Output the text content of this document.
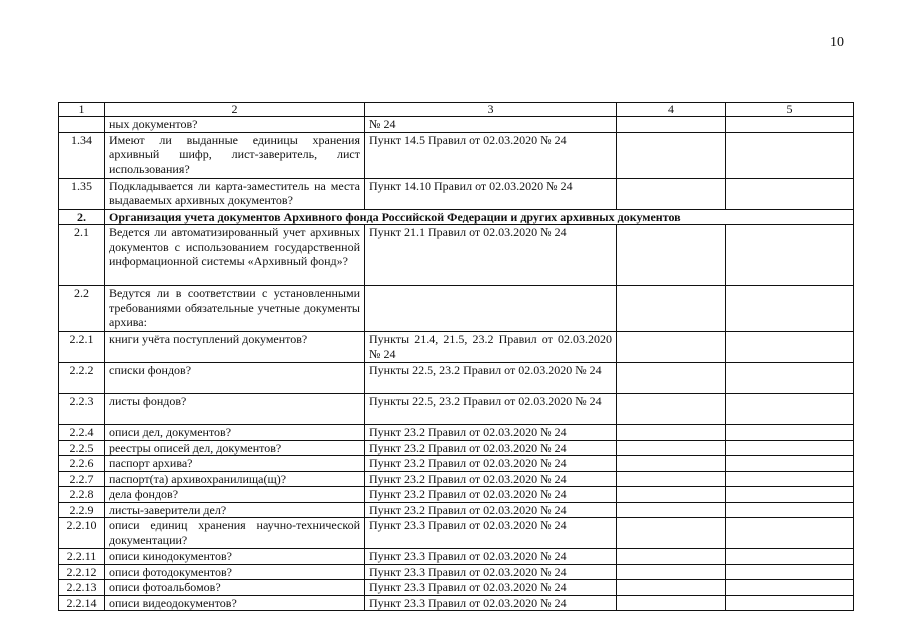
10
1	2	3	4	5
	ных документов?	№ 24		
1.34	Имеют ли выданные единицы хранения архивный шифр, лист-заверитель, лист использования?	Пункт 14.5 Правил от 02.03.2020 № 24		
1.35	Подкладывается ли карта-заместитель на места выдаваемых архивных документов?	Пункт 14.10 Правил от 02.03.2020 № 24		
2.	Организация учета документов Архивного фонда Российской Федерации и других архивных документов			
2.1	Ведется ли автоматизированный учет архивных документов с использованием государственной информационной системы «Архивный фонд»?	Пункт 21.1 Правил от 02.03.2020 № 24		
2.2	Ведутся ли в соответствии с установленными требованиями обязательные учетные документы архива:			
2.2.1	книги учёта поступлений документов?	Пункты 21.4, 21.5, 23.2 Правил от 02.03.2020 № 24		
2.2.2	списки фондов?	Пункты 22.5, 23.2 Правил от 02.03.2020 № 24		
2.2.3	листы фондов?	Пункты 22.5, 23.2 Правил от 02.03.2020 № 24		
2.2.4	описи дел, документов?	Пункт 23.2 Правил от 02.03.2020 № 24		
2.2.5	реестры описей дел, документов?	Пункт 23.2 Правил от 02.03.2020 № 24		
2.2.6	паспорт архива?	Пункт 23.2 Правил от 02.03.2020 № 24		
2.2.7	паспорт(та) архивохранилища(щ)?	Пункт 23.2 Правил от 02.03.2020 № 24		
2.2.8	дела фондов?	Пункт 23.2 Правил от 02.03.2020 № 24		
2.2.9	листы-заверители дел?	Пункт 23.2 Правил от 02.03.2020 № 24		
2.2.10	описи единиц хранения научно-технической документации?	Пункт 23.3 Правил от 02.03.2020 № 24		
2.2.11	описи кинодокументов?	Пункт 23.3 Правил от 02.03.2020 № 24		
2.2.12	описи фотодокументов?	Пункт 23.3 Правил от 02.03.2020 № 24		
2.2.13	описи фотоальбомов?	Пункт 23.3 Правил от 02.03.2020 № 24		
2.2.14	описи видеодокументов?	Пункт 23.3 Правил от 02.03.2020 № 24		
